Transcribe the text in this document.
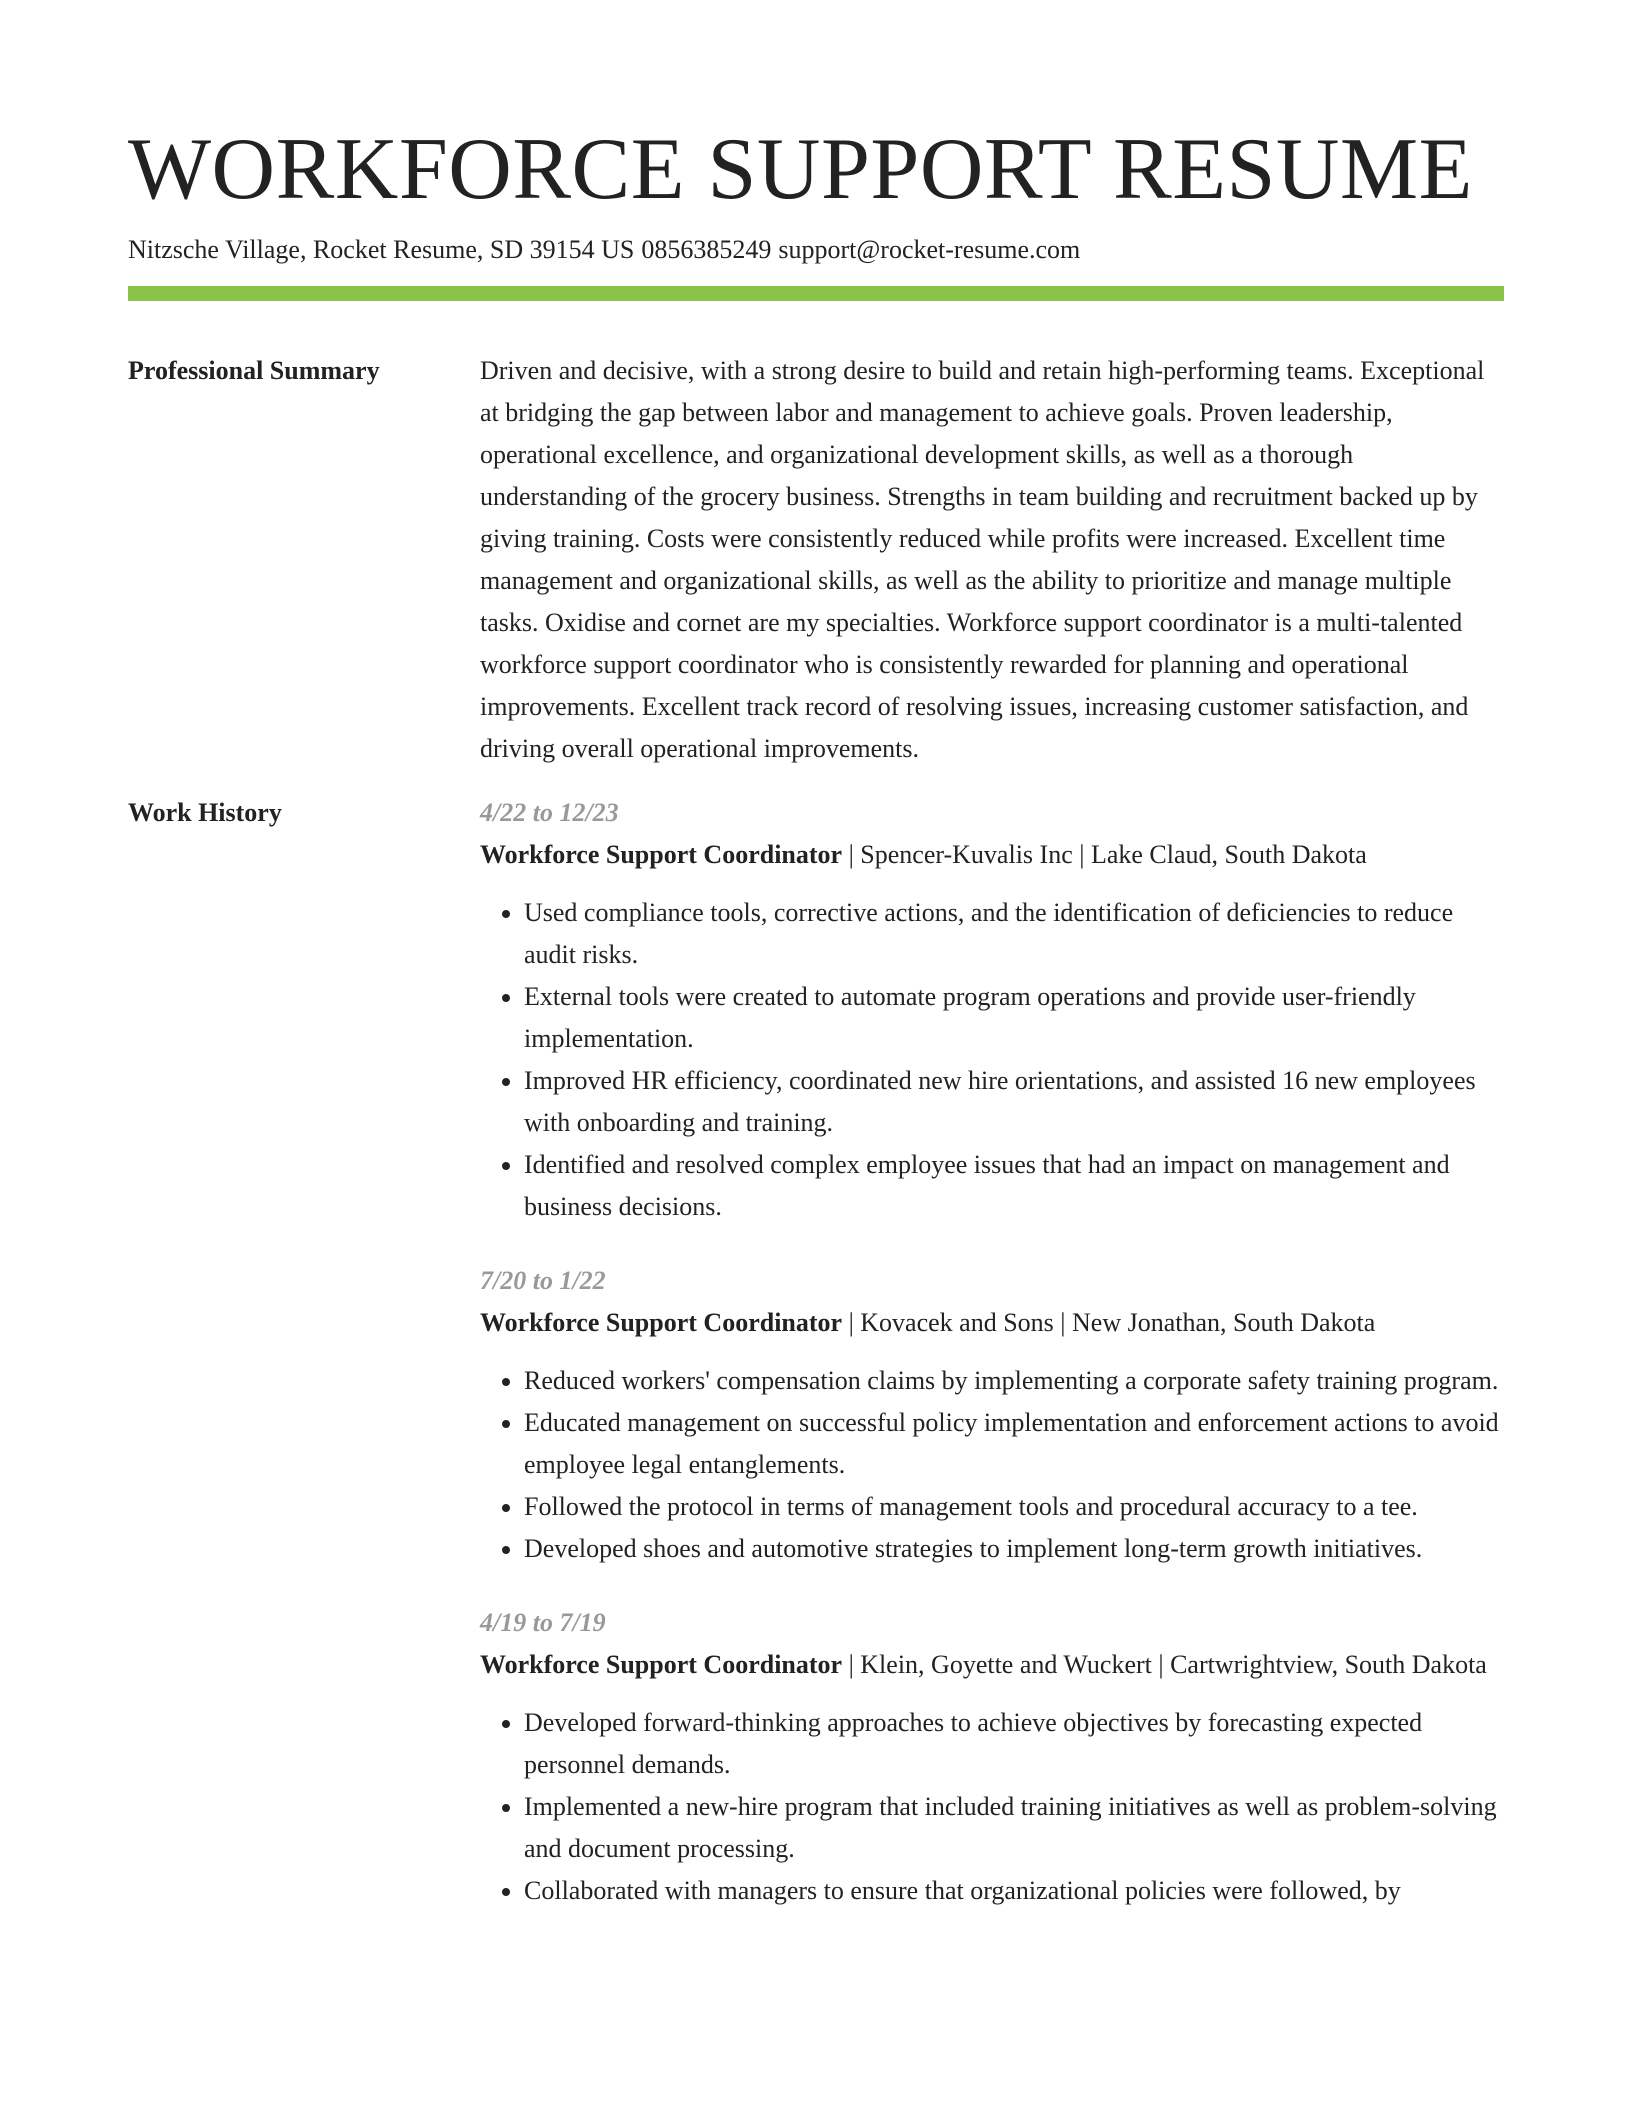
WORKFORCE SUPPORT RESUME
Nitzsche Village, Rocket Resume, SD 39154 US 0856385249 support@rocket-resume.com
Professional Summary	Driven and decisive, with a strong desire to build and retain high-performing teams. Exceptional at bridging the gap between labor and management to achieve goals. Proven leadership, operational excellence, and organizational development skills, as well as a thorough understanding of the grocery business. Strengths in team building and recruitment backed up by giving training. Costs were consistently reduced while profits were increased. Excellent time management and organizational skills, as well as the ability to prioritize and manage multiple tasks. Oxidise and cornet are my specialties. Workforce support coordinator is a multi-talented workforce support coordinator who is consistently rewarded for planning and operational improvements. Excellent track record of resolving issues, increasing customer satisfaction, and driving overall operational improvements.

Work History	4/22 to 12/23
Workforce Support Coordinator | Spencer-Kuvalis Inc | Lake Claud, South Dakota
• Used compliance tools, corrective actions, and the identification of deficiencies to reduce audit risks.
• External tools were created to automate program operations and provide user-friendly implementation.
• Improved HR efficiency, coordinated new hire orientations, and assisted 16 new employees with onboarding and training.
• Identified and resolved complex employee issues that had an impact on management and business decisions.
7/20 to 1/22
Workforce Support Coordinator | Kovacek and Sons | New Jonathan, South Dakota
• Reduced workers' compensation claims by implementing a corporate safety training program.
• Educated management on successful policy implementation and enforcement actions to avoid employee legal entanglements.
• Followed the protocol in terms of management tools and procedural accuracy to a tee.
• Developed shoes and automotive strategies to implement long-term growth initiatives.
4/19 to 7/19
Workforce Support Coordinator | Klein, Goyette and Wuckert | Cartwrightview, South Dakota
• Developed forward-thinking approaches to achieve objectives by forecasting expected personnel demands.
• Implemented a new-hire program that included training initiatives as well as problem-solving and document processing.
• Collaborated with managers to ensure that organizational policies were followed, by
